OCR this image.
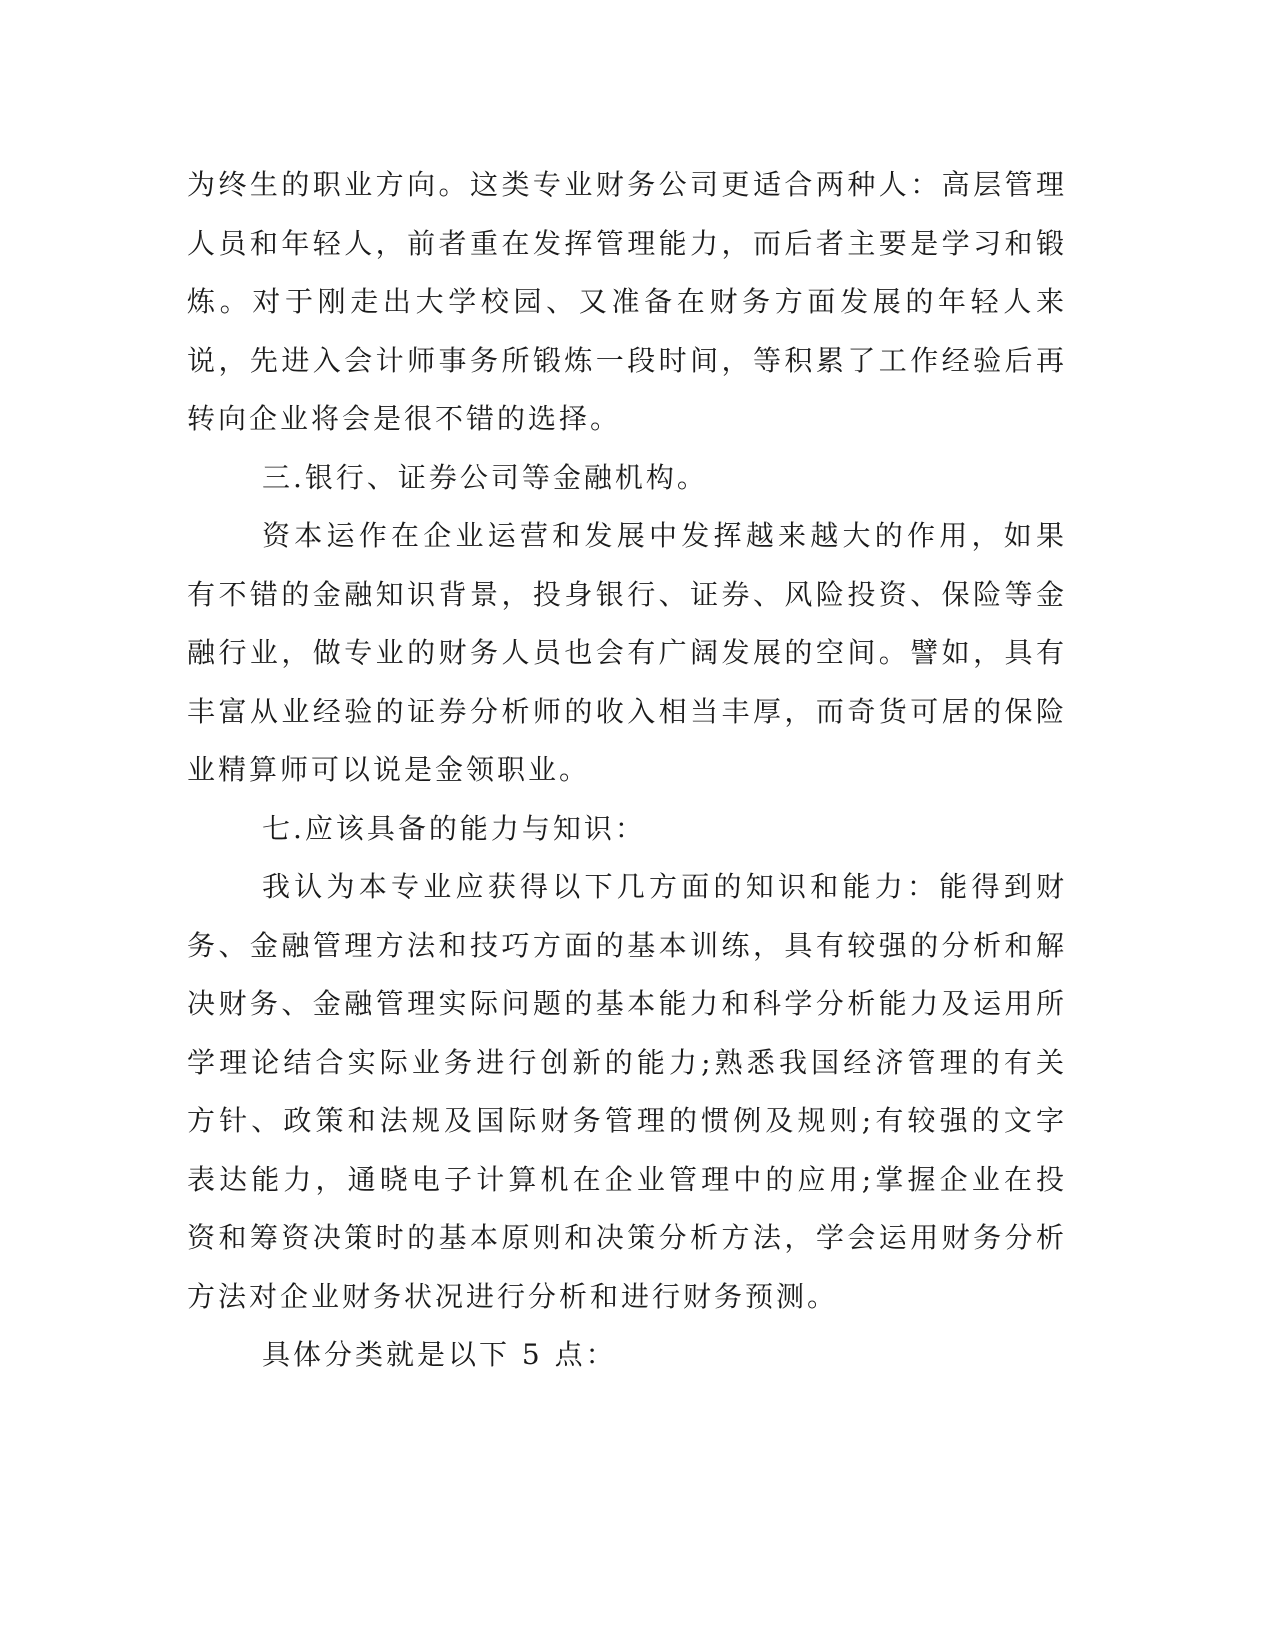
为终生的职业方向。这类专业财务公司更适合两种人：高层管理人员和年轻人，前者重在发挥管理能力，而后者主要是学习和锻炼。对于刚走出大学校园、又准备在财务方面发展的年轻人来说，先进入会计师事务所锻炼一段时间，等积累了工作经验后再转向企业将会是很不错的选择。

三.银行、证券公司等金融机构。

资本运作在企业运营和发展中发挥越来越大的作用，如果有不错的金融知识背景，投身银行、证券、风险投资、保险等金融行业，做专业的财务人员也会有广阔发展的空间。譬如，具有丰富从业经验的证券分析师的收入相当丰厚，而奇货可居的保险业精算师可以说是金领职业。

七.应该具备的能力与知识：

我认为本专业应获得以下几方面的知识和能力：能得到财务、金融管理方法和技巧方面的基本训练，具有较强的分析和解决财务、金融管理实际问题的基本能力和科学分析能力及运用所学理论结合实际业务进行创新的能力;熟悉我国经济管理的有关方针、政策和法规及国际财务管理的惯例及规则;有较强的文字表达能力，通晓电子计算机在企业管理中的应用;掌握企业在投资和筹资决策时的基本原则和决策分析方法，学会运用财务分析方法对企业财务状况进行分析和进行财务预测。

具体分类就是以下 5 点：
